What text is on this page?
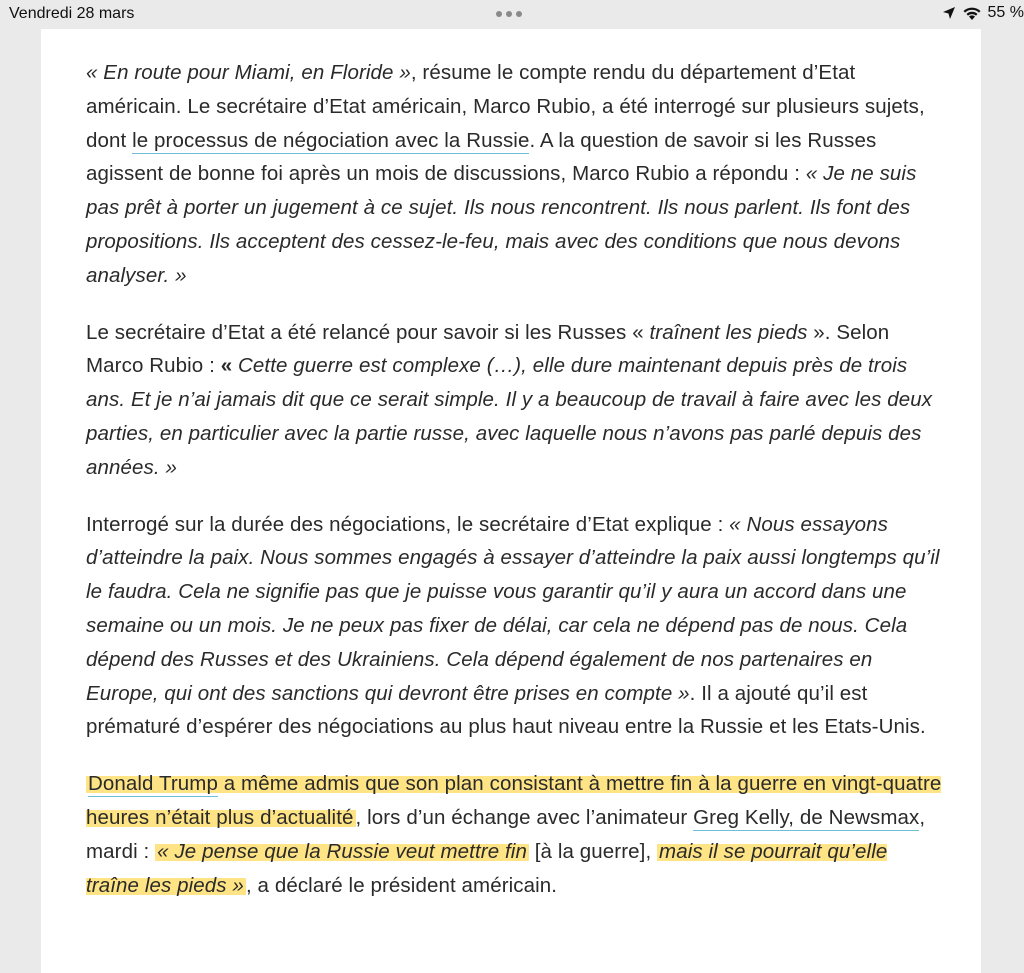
Vendredi 28 mars	55 %

« En route pour Miami, en Floride », résume le compte rendu du département d’Etat américain. Le secrétaire d’Etat américain, Marco Rubio, a été interrogé sur plusieurs sujets, dont le processus de négociation avec la Russie. A la question de savoir si les Russes agissent de bonne foi après un mois de discussions, Marco Rubio a répondu : « Je ne suis pas prêt à porter un jugement à ce sujet. Ils nous rencontrent. Ils nous parlent. Ils font des propositions. Ils acceptent des cessez-le-feu, mais avec des conditions que nous devons analyser. »

Le secrétaire d’Etat a été relancé pour savoir si les Russes « traînent les pieds ». Selon Marco Rubio : « Cette guerre est complexe (…), elle dure maintenant depuis près de trois ans. Et je n’ai jamais dit que ce serait simple. Il y a beaucoup de travail à faire avec les deux parties, en particulier avec la partie russe, avec laquelle nous n’avons pas parlé depuis des années. »

Interrogé sur la durée des négociations, le secrétaire d’Etat explique : « Nous essayons d’atteindre la paix. Nous sommes engagés à essayer d’atteindre la paix aussi longtemps qu’il le faudra. Cela ne signifie pas que je puisse vous garantir qu’il y aura un accord dans une semaine ou un mois. Je ne peux pas fixer de délai, car cela ne dépend pas de nous. Cela dépend des Russes et des Ukrainiens. Cela dépend également de nos partenaires en Europe, qui ont des sanctions qui devront être prises en compte ». Il a ajouté qu’il est prématuré d’espérer des négociations au plus haut niveau entre la Russie et les Etats-Unis.

Donald Trump a même admis que son plan consistant à mettre fin à la guerre en vingt-quatre heures n’était plus d’actualité, lors d’un échange avec l’animateur Greg Kelly, de Newsmax, mardi : « Je pense que la Russie veut mettre fin [à la guerre], mais il se pourrait qu’elle traîne les pieds », a déclaré le président américain.
